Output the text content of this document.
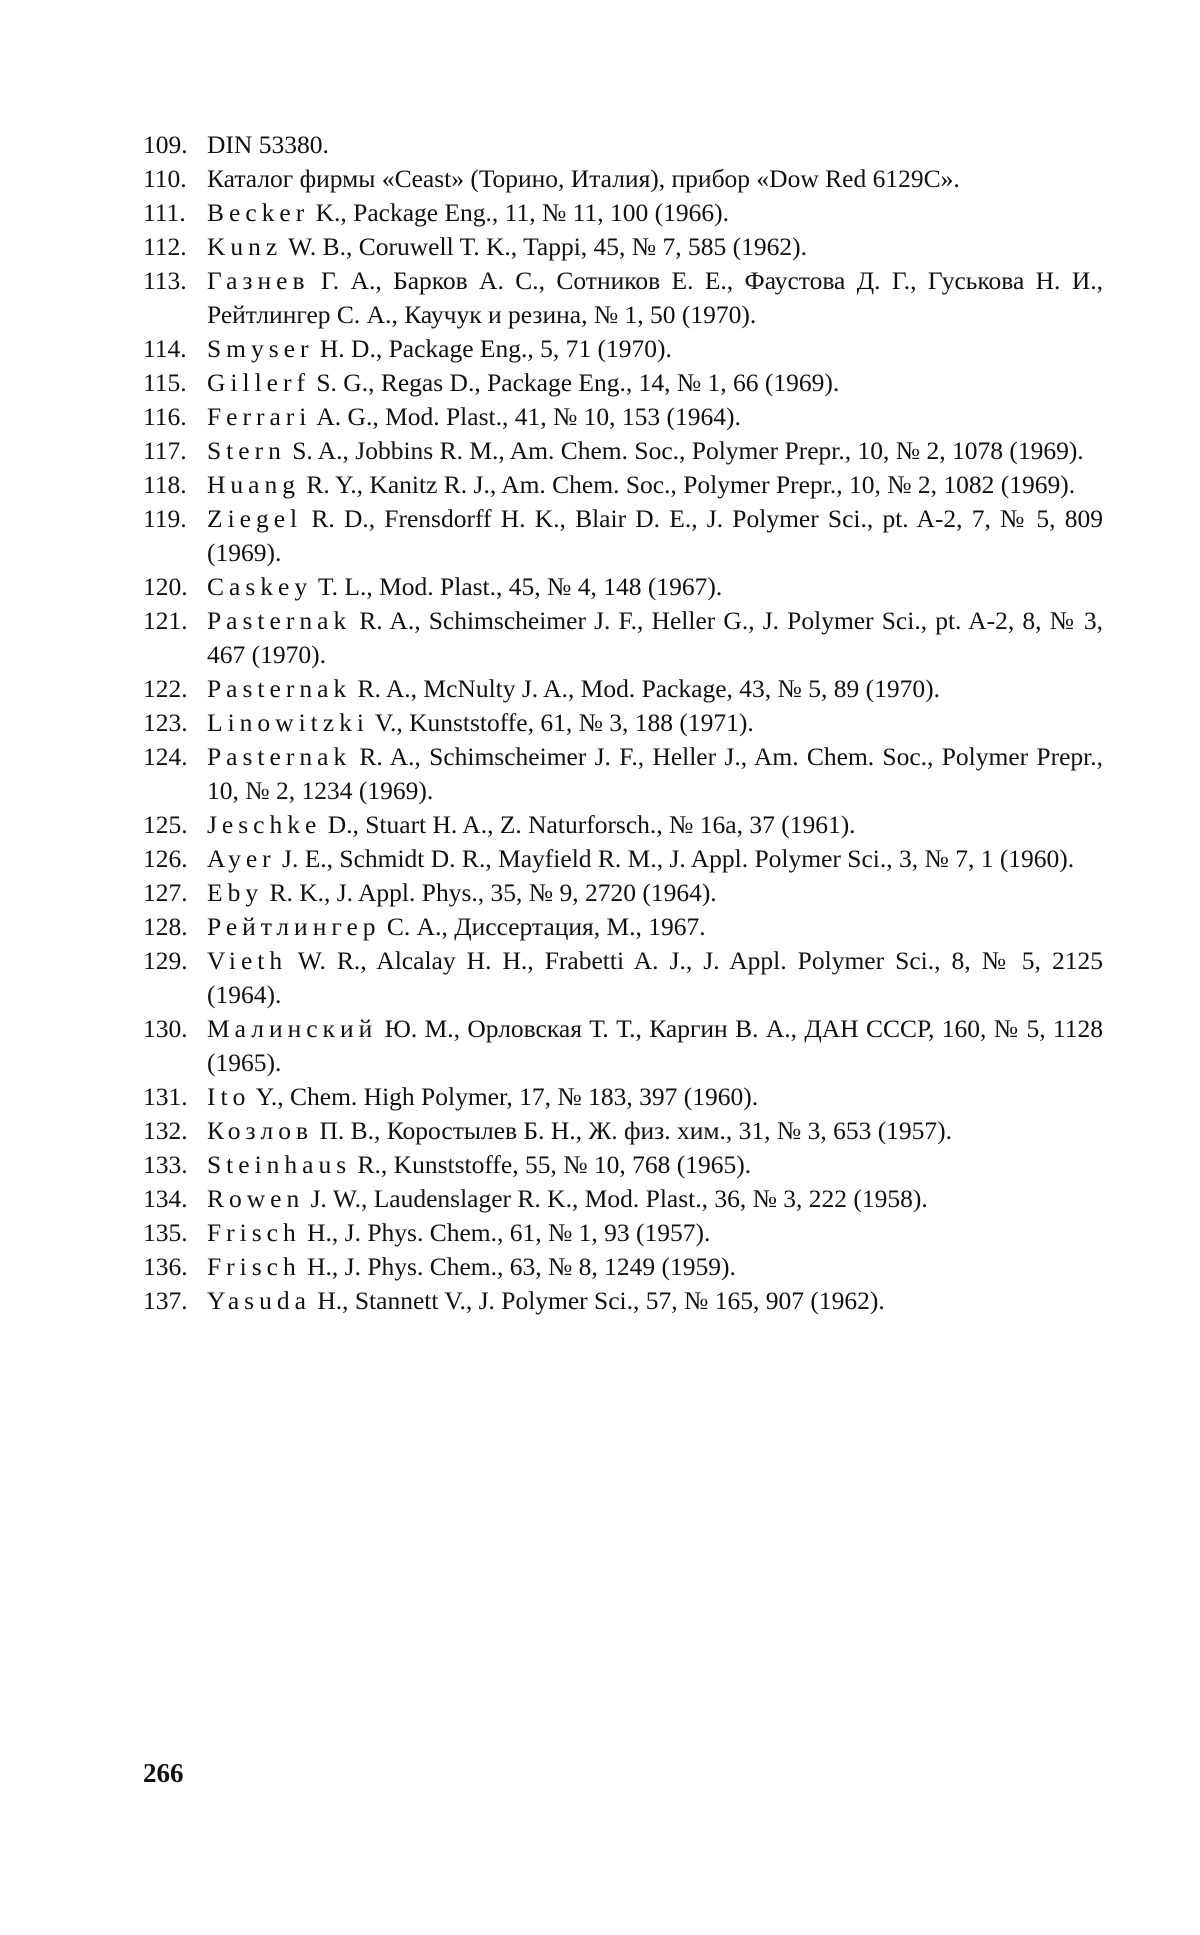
109. DIN 53380.
110. Каталог фирмы «Ceast» (Торино, Италия), прибор «Dow Red 6129C».
111. Becker K., Package Eng., 11, № 11, 100 (1966).
112. Kunz W. B., Coruwell T. K., Tappi, 45, № 7, 585 (1962).
113. Газнев Г. А., Барков А. С., Сотников Е. Е., Фаустова Д. Г., Гуськова Н. И., Рейтлингер С. А., Каучук и резина, № 1, 50 (1970).
114. Smyser H. D., Package Eng., 5, 71 (1970).
115. Gillerf S. G., Regas D., Package Eng., 14, № 1, 66 (1969).
116. Ferrari A. G., Mod. Plast., 41, № 10, 153 (1964).
117. Stern S. A., Jobbins R. M., Am. Chem. Soc., Polymer Prepr., 10, № 2, 1078 (1969).
118. Huang R. Y., Kanitz R. J., Am. Chem. Soc., Polymer Prepr., 10, № 2, 1082 (1969).
119. Ziegel R. D., Frensdorff H. K., Blair D. E., J. Polymer Sci., pt. A-2, 7, № 5, 809 (1969).
120. Caskey T. L., Mod. Plast., 45, № 4, 148 (1967).
121. Pasternak R. A., Schimscheimer J. F., Heller G., J. Polymer Sci., pt. A-2, 8, № 3, 467 (1970).
122. Pasternak R. A., McNulty J. A., Mod. Package, 43, № 5, 89 (1970).
123. Linowitzki V., Kunststoffe, 61, № 3, 188 (1971).
124. Pasternak R. A., Schimscheimer J. F., Heller J., Am. Chem. Soc., Polymer Prepr., 10, № 2, 1234 (1969).
125. Jeschke D., Stuart H. A., Z. Naturforsch., № 16a, 37 (1961).
126. Ayer J. E., Schmidt D. R., Mayfield R. M., J. Appl. Polymer Sci., 3, № 7, 1 (1960).
127. Eby R. K., J. Appl. Phys., 35, № 9, 2720 (1964).
128. Рейтлингер С. А., Диссертация, М., 1967.
129. Vieth W. R., Alcalay H. H., Frabetti A. J., J. Appl. Polymer Sci., 8, № 5, 2125 (1964).
130. Малинский Ю. М., Орловская Т. Т., Каргин В. А., ДАН СССР, 160, № 5, 1128 (1965).
131. Ito Y., Chem. High Polymer, 17, № 183, 397 (1960).
132. Козлов П. В., Коростылев Б. Н., Ж. физ. хим., 31, № 3, 653 (1957).
133. Steinhaus R., Kunststoffe, 55, № 10, 768 (1965).
134. Rowen J. W., Laudenslager R. K., Mod. Plast., 36, № 3, 222 (1958).
135. Frisch H., J. Phys. Chem., 61, № 1, 93 (1957).
136. Frisch H., J. Phys. Chem., 63, № 8, 1249 (1959).
137. Yasuda H., Stannett V., J. Polymer Sci., 57, № 165, 907 (1962).
266
